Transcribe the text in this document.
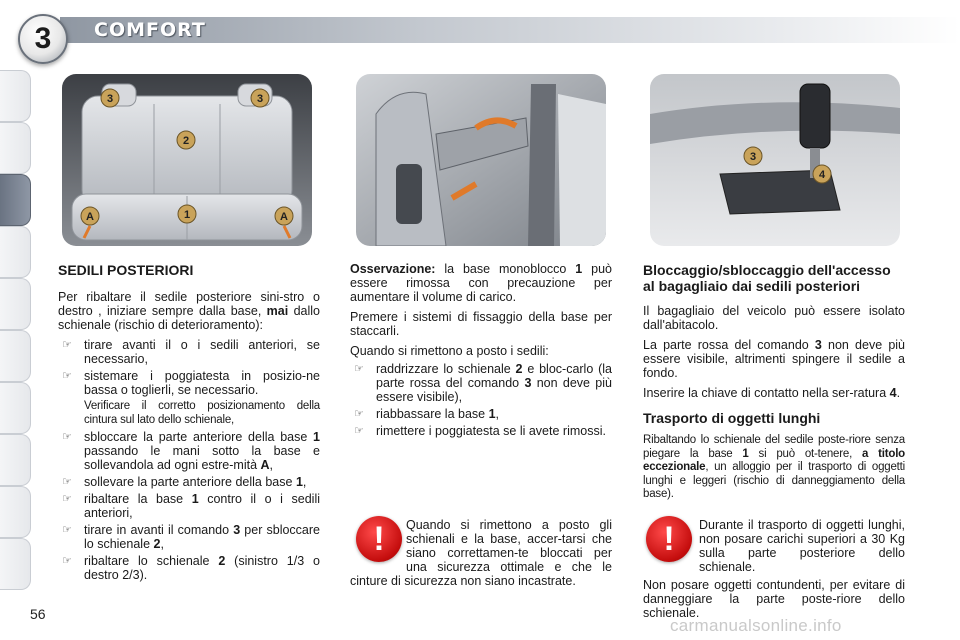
3	COMFORT
3	3
2
A	1	A
3
4
SEDILI POSTERIORI

Per ribaltare il sedile posteriore sini-stro o destro , iniziare sempre dalla base, mai dallo schienale (rischio di deterioramento):

☞ tirare avanti il o i sedili anteriori, se necessario,
☞ sistemare i poggiatesta in posizio-ne bassa o toglierli, se necessario.
Verificare il corretto posizionamento della cintura sul lato dello schienale,
☞ sbloccare la parte anteriore della base 1 passando le mani sotto la base e sollevandola ad ogni estre-mità A,
☞ sollevare la parte anteriore della base 1,
☞ ribaltare la base 1 contro il o i sedili anteriori,
☞ tirare in avanti il comando 3 per sbloccare lo schienale 2,
☞ ribaltare lo schienale 2 (sinistro 1/3 o destro 2/3).

Osservazione: la base monoblocco 1 può essere rimossa con precauzione per aumentare il volume di carico.

Premere i sistemi di fissaggio della base per staccarli.

Quando si rimettono a posto i sedili:

☞ raddrizzare lo schienale 2 e bloc-carlo (la parte rossa del comando 3 non deve più essere visibile),
☞ riabbassare la base 1,
☞ rimettere i poggiatesta se li avete rimossi.
!	Quando si rimettono a posto gli schienali e la base, accer-tarsi che siano correttamen-te bloccati per una sicurezza ottimale e che le cinture di sicurezza non siano incastrate.
Bloccaggio/sbloccaggio dell'accesso al bagagliaio dai sedili posteriori

Il bagagliaio del veicolo può essere isolato dall'abitacolo.

La parte rossa del comando 3 non deve più essere visibile, altrimenti spingere il sedile a fondo.

Inserire la chiave di contatto nella ser-ratura 4.

Trasporto di oggetti lunghi

Ribaltando lo schienale del sedile poste-riore senza piegare la base 1 si può ot-tenere, a titolo eccezionale, un alloggio per il trasporto di oggetti lunghi e leggeri (rischio di danneggiamento della base).

!	Durante il trasporto di oggetti lunghi, non posare carichi superiori a 30 Kg sulla parte posteriore dello schienale.

Non posare oggetti contundenti, per evitare di danneggiare la parte poste-riore dello schienale.

56
carmanualsonline.info
